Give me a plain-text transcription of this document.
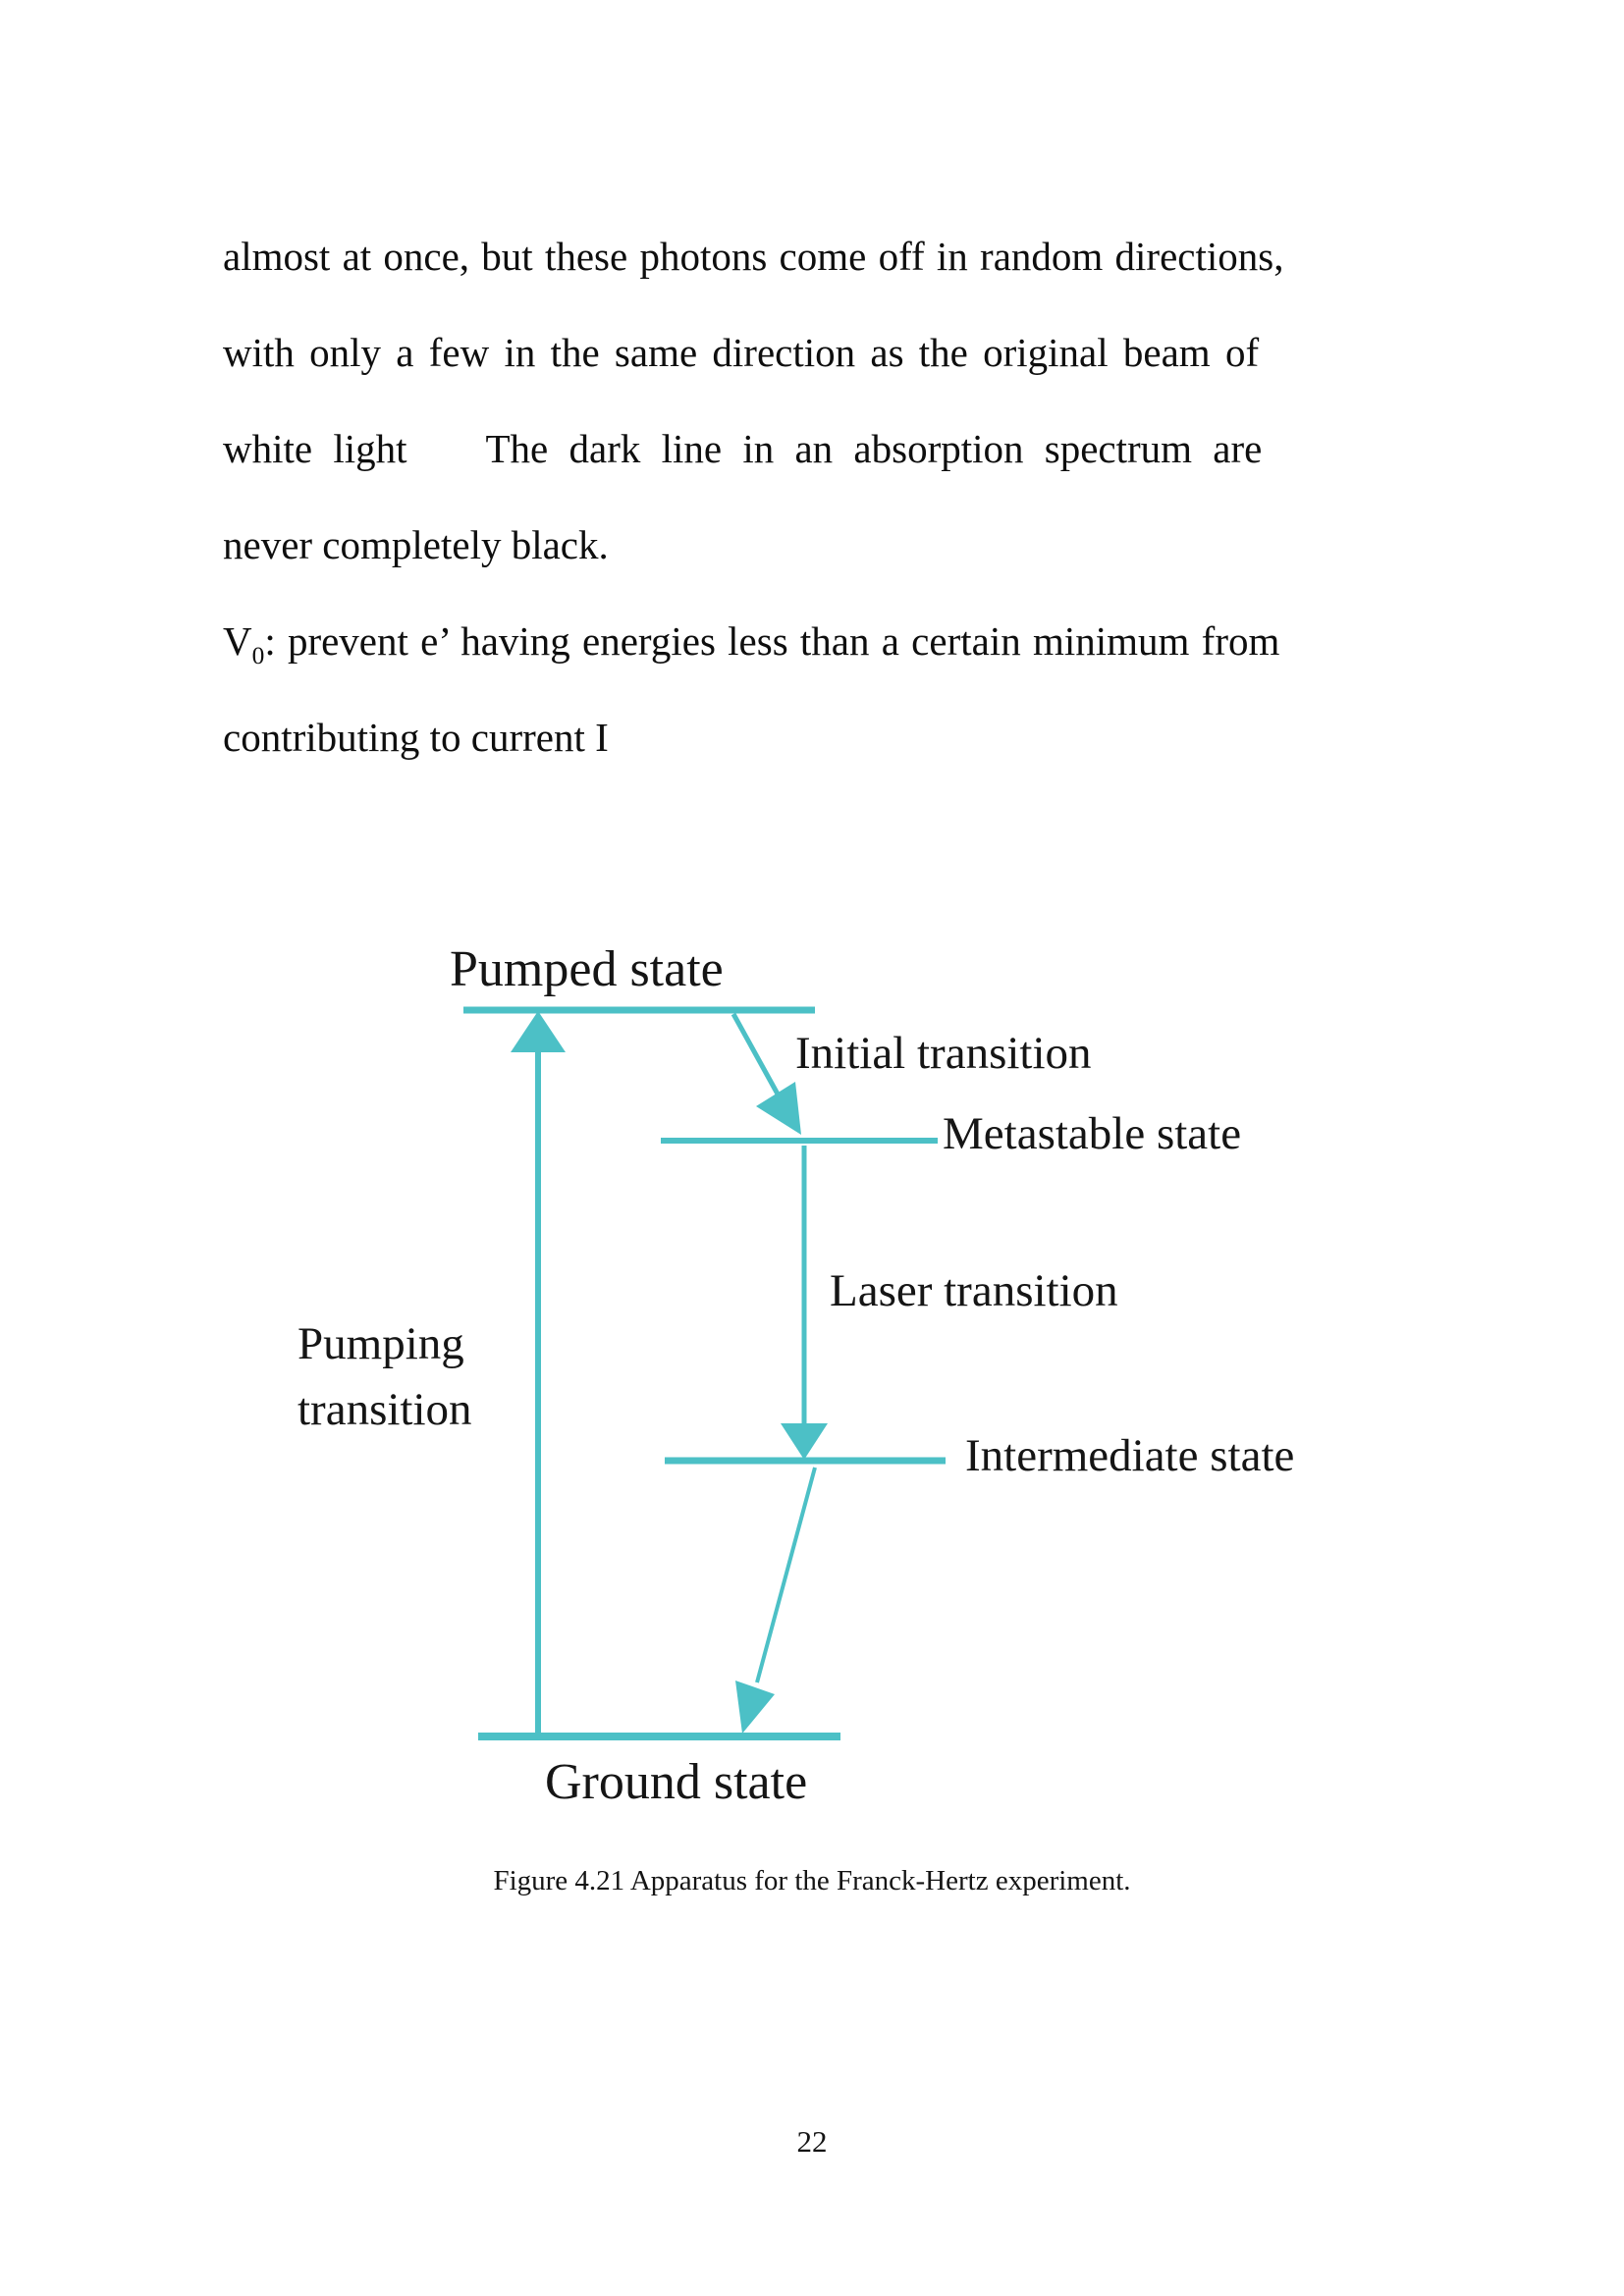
almost at once, but these photons come off in random directions,
with only a few in the same direction as the original beam of
white light The dark line in an absorption spectrum are
never completely black.
$V_0$: prevent e’ having energies less than a certain minimum from
contributing to current I
Pumped state
Initial transition
Metastable state
Laser transition
Pumping
transition
Intermediate state
Ground state
Figure 4.21 Apparatus for the Franck-Hertz experiment.
22
